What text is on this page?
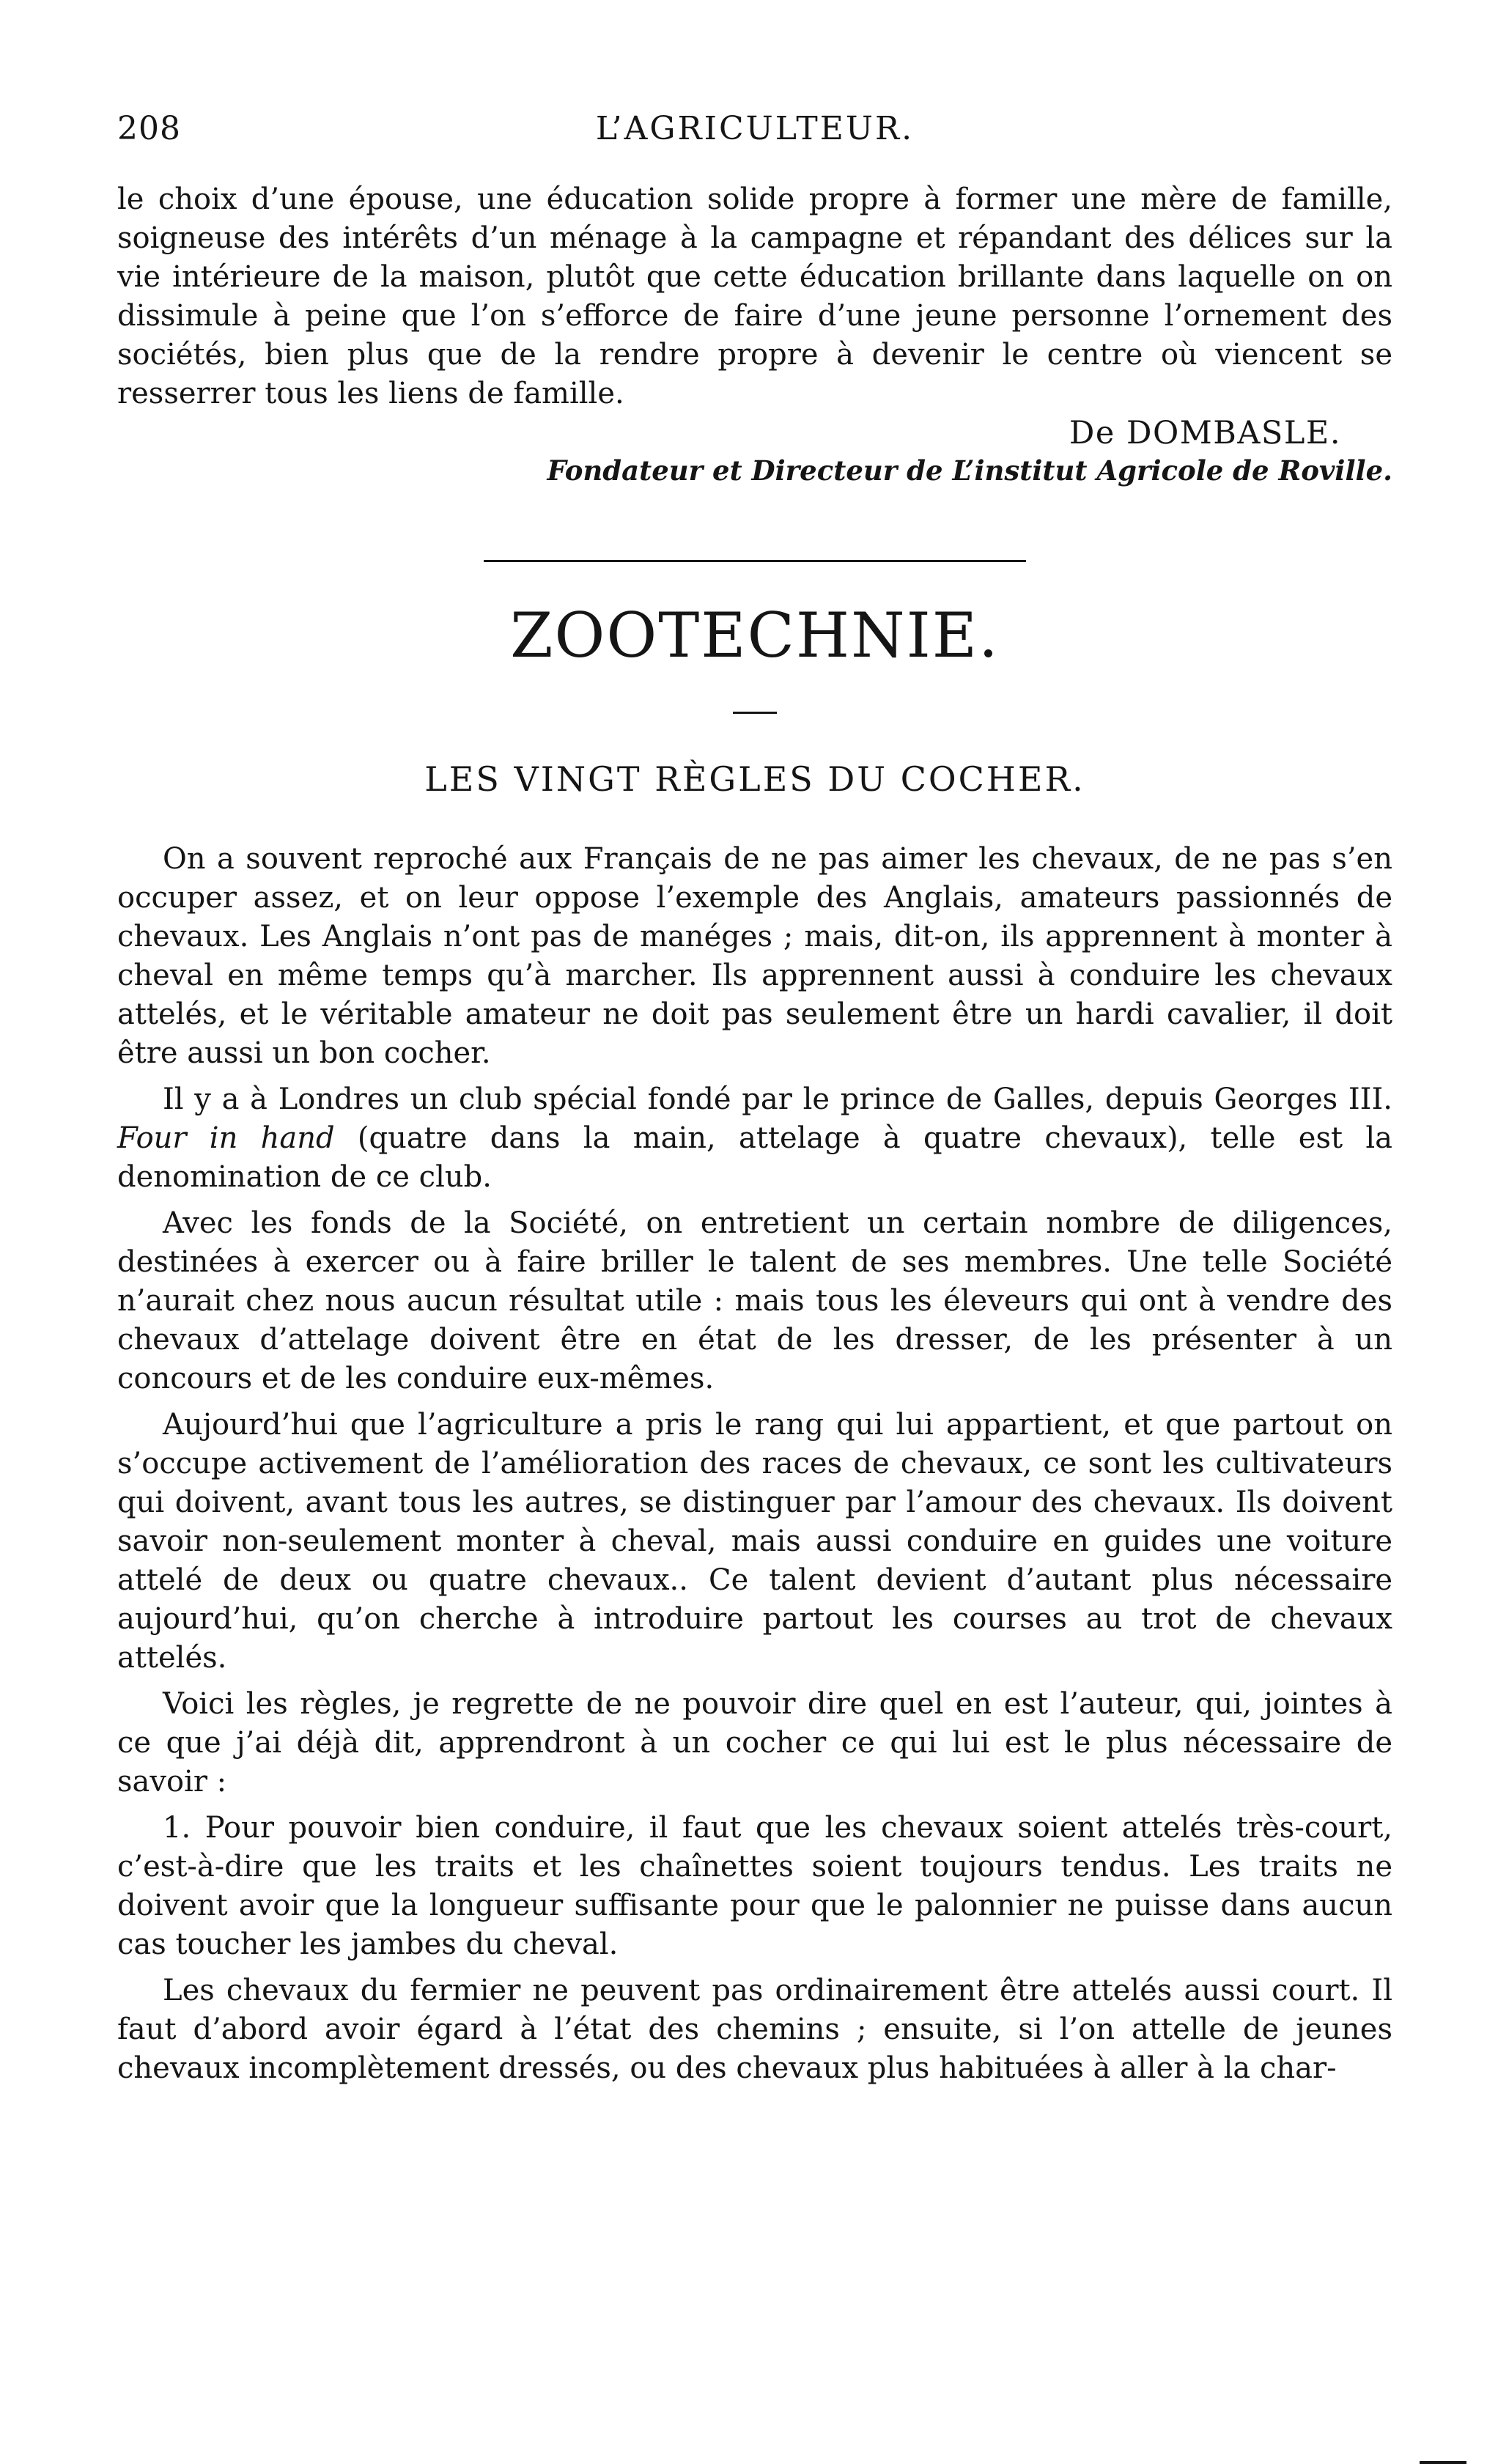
208	L’AGRICULTEUR.

le choix d’une épouse, une éducation solide propre à former une mère de famille, soigneuse des intérêts d’un ménage à la campagne et répandant des délices sur la vie intérieure de la maison, plutôt que cette éducation brillante dans laquelle on on dissimule à peine que l’on s’efforce de faire d’une jeune personne l’ornement des sociétés, bien plus que de la rendre propre à devenir le centre où viencent se resserrer tous les liens de famille.

De DOMBASLE.
Fondateur et Directeur de L’institut Agricole de Roville.
ZOOTECHNIE.
LES VINGT RÈGLES DU COCHER.

On a souvent reproché aux Français de ne pas aimer les chevaux, de ne pas s’en occuper assez, et on leur oppose l’exemple des Anglais, amateurs passionnés de chevaux. Les Anglais n’ont pas de manéges ; mais, dit-on, ils apprennent à monter à cheval en même temps qu’à marcher. Ils apprennent aussi à conduire les chevaux attelés, et le véritable amateur ne doit pas seulement être un hardi cavalier, il doit être aussi un bon cocher.

Il y a à Londres un club spécial fondé par le prince de Galles, depuis Georges III. Four in hand (quatre dans la main, attelage à quatre chevaux), telle est la denomination de ce club.

Avec les fonds de la Société, on entretient un certain nombre de diligences, destinées à exercer ou à faire briller le talent de ses membres. Une telle Société n’aurait chez nous aucun résultat utile : mais tous les éleveurs qui ont à vendre des chevaux d’attelage doivent être en état de les dresser, de les présenter à un concours et de les conduire eux-mêmes.

Aujourd’hui que l’agriculture a pris le rang qui lui appartient, et que partout on s’occupe activement de l’amélioration des races de chevaux, ce sont les cultivateurs qui doivent, avant tous les autres, se distinguer par l’amour des chevaux. Ils doivent savoir non-seulement monter à cheval, mais aussi conduire en guides une voiture attelé de deux ou quatre chevaux.. Ce talent devient d’autant plus nécessaire aujourd’hui, qu’on cherche à introduire partout les courses au trot de chevaux attelés.

Voici les règles, je regrette de ne pouvoir dire quel en est l’auteur, qui, jointes à ce que j’ai déjà dit, apprendront à un cocher ce qui lui est le plus nécessaire de savoir :

1. Pour pouvoir bien conduire, il faut que les chevaux soient attelés très-court, c’est-à-dire que les traits et les chaînettes soient toujours tendus. Les traits ne doivent avoir que la longueur suffisante pour que le palonnier ne puisse dans aucun cas toucher les jambes du cheval.

Les chevaux du fermier ne peuvent pas ordinairement être attelés aussi court. Il faut d’abord avoir égard à l’état des chemins ; ensuite, si l’on attelle de jeunes chevaux incomplètement dressés, ou des chevaux plus habituées à aller à la char-
